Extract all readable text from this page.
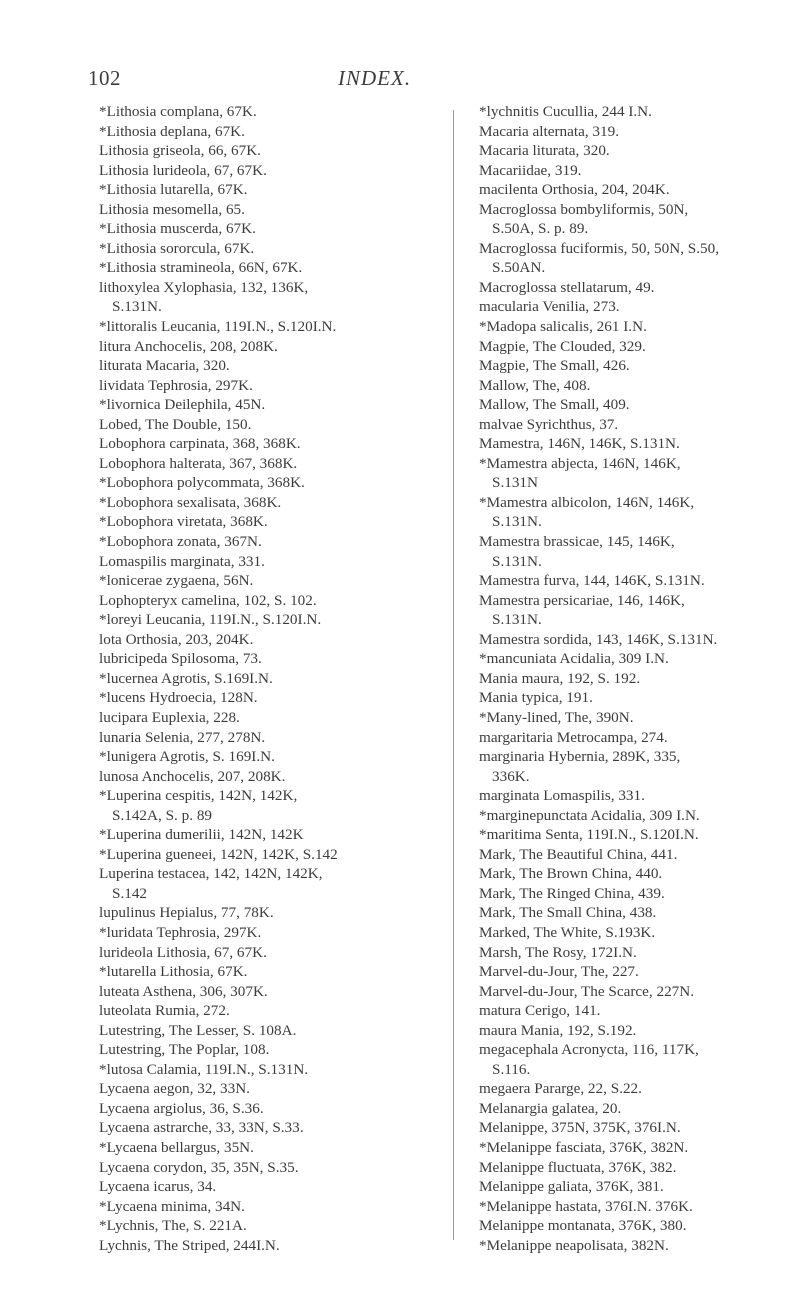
102	INDEX.
*Lithosia complana, 67K.
*Lithosia deplana, 67K.
Lithosia griseola, 66, 67K.
Lithosia lurideola, 67, 67K.
*Lithosia lutarella, 67K.
Lithosia mesomella, 65.
*Lithosia muscerda, 67K.
*Lithosia sororcula, 67K.
*Lithosia stramineola, 66N, 67K.
lithoxylea Xylophasia, 132, 136K,
S.131N.
*littoralis Leucania, 119I.N., S.120I.N.
litura Anchocelis, 208, 208K.
liturata Macaria, 320.
lividata Tephrosia, 297K.
*livornica Deilephila, 45N.
Lobed, The Double, 150.
Lobophora carpinata, 368, 368K.
Lobophora halterata, 367, 368K.
*Lobophora polycommata, 368K.
*Lobophora sexalisata, 368K.
*Lobophora viretata, 368K.
*Lobophora zonata, 367N.
Lomaspilis marginata, 331.
*lonicerae zygaena, 56N.
Lophopteryx camelina, 102, S. 102.
*loreyi Leucania, 119I.N., S.120I.N.
lota Orthosia, 203, 204K.
lubricipeda Spilosoma, 73.
*lucernea Agrotis, S.169I.N.
*lucens Hydroecia, 128N.
lucipara Euplexia, 228.
lunaria Selenia, 277, 278N.
*lunigera Agrotis, S. 169I.N.
lunosa Anchocelis, 207, 208K.
*Luperina cespitis, 142N, 142K,
S.142A, S. p. 89
*Luperina dumerilii, 142N, 142K
*Luperina gueneei, 142N, 142K, S.142
Luperina testacea, 142, 142N, 142K,
S.142
lupulinus Hepialus, 77, 78K.
*luridata Tephrosia, 297K.
lurideola Lithosia, 67, 67K.
*lutarella Lithosia, 67K.
luteata Asthena, 306, 307K.
luteolata Rumia, 272.
Lutestring, The Lesser, S. 108A.
Lutestring, The Poplar, 108.
*lutosa Calamia, 119I.N., S.131N.
Lycaena aegon, 32, 33N.
Lycaena argiolus, 36, S.36.
Lycaena astrarche, 33, 33N, S.33.
*Lycaena bellargus, 35N.
Lycaena corydon, 35, 35N, S.35.
Lycaena icarus, 34.
*Lycaena minima, 34N.
*Lychnis, The, S. 221A.
Lychnis, The Striped, 244I.N.
*lychnitis Cucullia, 244 I.N.
Macaria alternata, 319.
Macaria liturata, 320.
Macariidae, 319.
macilenta Orthosia, 204, 204K.
Macroglossa bombyliformis, 50N,
S.50A, S. p. 89.
Macroglossa fuciformis, 50, 50N, S.50,
S.50AN.
Macroglossa stellatarum, 49.
macularia Venilia, 273.
*Madopa salicalis, 261 I.N.
Magpie, The Clouded, 329.
Magpie, The Small, 426.
Mallow, The, 408.
Mallow, The Small, 409.
malvae Syrichthus, 37.
Mamestra, 146N, 146K, S.131N.
*Mamestra abjecta, 146N, 146K,
S.131N
*Mamestra albicolon, 146N, 146K,
S.131N.
Mamestra brassicae, 145, 146K,
S.131N.
Mamestra furva, 144, 146K, S.131N.
Mamestra persicariae, 146, 146K,
S.131N.
Mamestra sordida, 143, 146K, S.131N.
*mancuniata Acidalia, 309 I.N.
Mania maura, 192, S. 192.
Mania typica, 191.
*Many-lined, The, 390N.
margaritaria Metrocampa, 274.
marginaria Hybernia, 289K, 335,
336K.
marginata Lomaspilis, 331.
*marginepunctata Acidalia, 309 I.N.
*maritima Senta, 119I.N., S.120I.N.
Mark, The Beautiful China, 441.
Mark, The Brown China, 440.
Mark, The Ringed China, 439.
Mark, The Small China, 438.
Marked, The White, S.193K.
Marsh, The Rosy, 172I.N.
Marvel-du-Jour, The, 227.
Marvel-du-Jour, The Scarce, 227N.
matura Cerigo, 141.
maura Mania, 192, S.192.
megacephala Acronycta, 116, 117K,
S.116.
megaera Pararge, 22, S.22.
Melanargia galatea, 20.
Melanippe, 375N, 375K, 376I.N.
*Melanippe fasciata, 376K, 382N.
Melanippe fluctuata, 376K, 382.
Melanippe galiata, 376K, 381.
*Melanippe hastata, 376I.N. 376K.
Melanippe montanata, 376K, 380.
*Melanippe neapolisata, 382N.
